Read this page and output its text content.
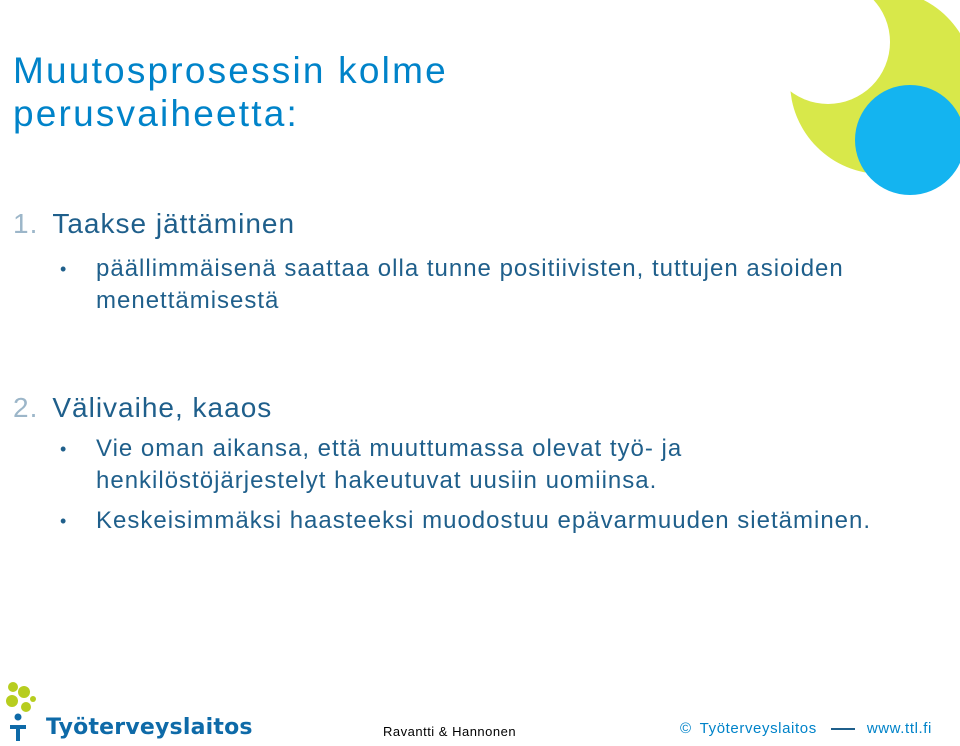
Muutosprosessin kolme
perusvaiheetta:
1. Taakse jättäminen
• päällimmäisenä saattaa olla tunne positiivisten, tuttujen asioiden menettämisestä
2. Välivaihe, kaaos
• Vie oman aikansa, että muuttumassa olevat työ- ja henkilöstöjärjestelyt hakeutuvat uusiin uomiinsa.
• Keskeisimmäksi haasteeksi muodostuu epävarmuuden sietäminen.
Työterveyslaitos	Ravantti & Hannonen	© Työterveyslaitos	www.ttl.fi
